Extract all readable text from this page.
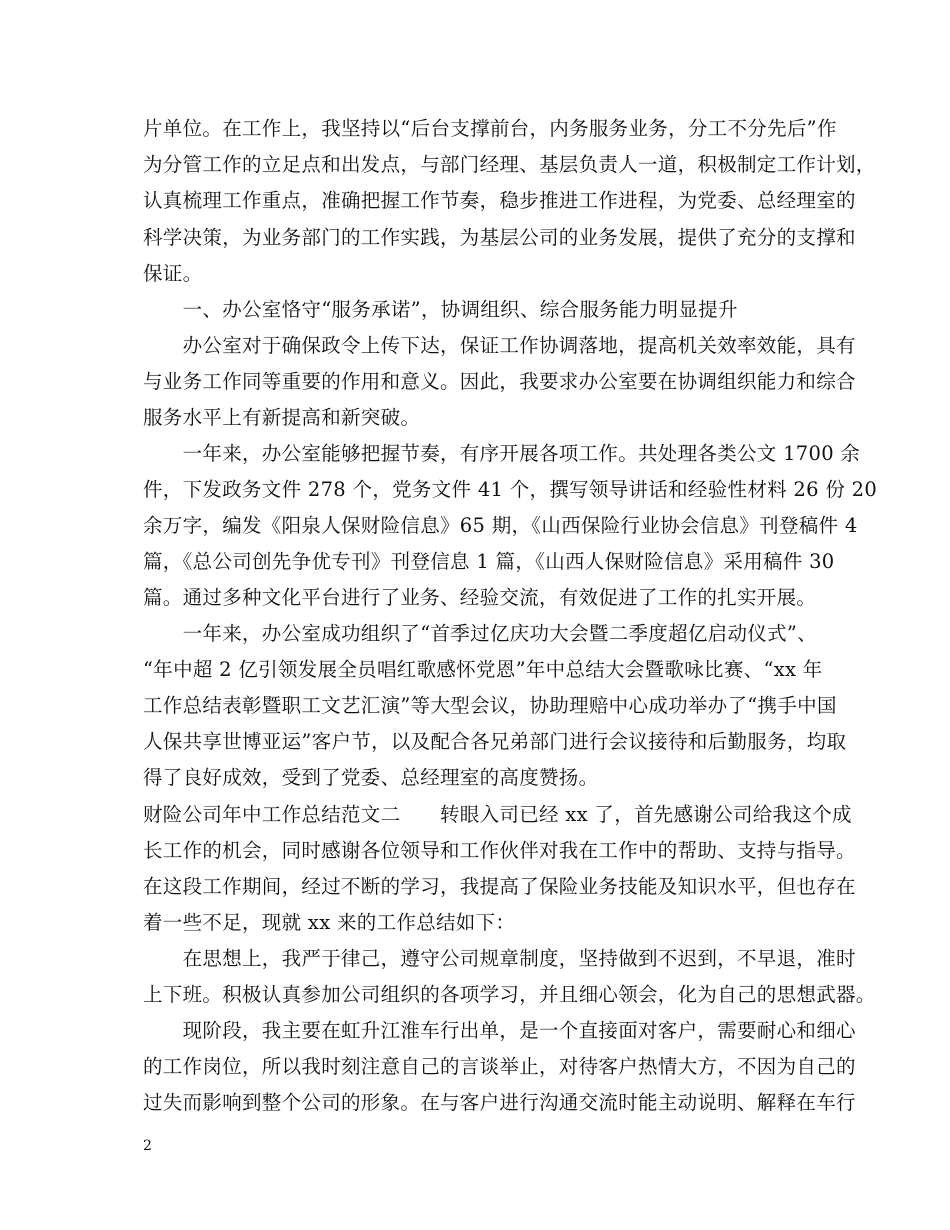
片单位。在工作上，我坚持以“后台支撑前台，内务服务业务，分工不分先后”作
为分管工作的立足点和出发点，与部门经理、基层负责人一道，积极制定工作计划，
认真梳理工作重点，准确把握工作节奏，稳步推进工作进程，为党委、总经理室的
科学决策，为业务部门的工作实践，为基层公司的业务发展，提供了充分的支撑和
保证。
　　一、办公室恪守“服务承诺”，协调组织、综合服务能力明显提升
　　办公室对于确保政令上传下达，保证工作协调落地，提高机关效率效能，具有
与业务工作同等重要的作用和意义。因此，我要求办公室要在协调组织能力和综合
服务水平上有新提高和新突破。
　　一年来，办公室能够把握节奏，有序开展各项工作。共处理各类公文 1700 余
件，下发政务文件 278 个，党务文件 41 个，撰写领导讲话和经验性材料 26 份 20
余万字，编发《阳泉人保财险信息》65 期，《山西保险行业协会信息》刊登稿件 4
篇，《总公司创先争优专刊》刊登信息 1 篇，《山西人保财险信息》采用稿件 30
篇。通过多种文化平台进行了业务、经验交流，有效促进了工作的扎实开展。
　　一年来，办公室成功组织了“首季过亿庆功大会暨二季度超亿启动仪式”、
“年中超 2 亿引领发展全员唱红歌感怀党恩”年中总结大会暨歌咏比赛、“xx 年
工作总结表彰暨职工文艺汇演”等大型会议，协助理赔中心成功举办了“携手中国
人保共享世博亚运”客户节，以及配合各兄弟部门进行会议接待和后勤服务，均取
得了良好成效，受到了党委、总经理室的高度赞扬。
财险公司年中工作总结范文二　　转眼入司已经 xx 了，首先感谢公司给我这个成
长工作的机会，同时感谢各位领导和工作伙伴对我在工作中的帮助、支持与指导。
在这段工作期间，经过不断的学习，我提高了保险业务技能及知识水平，但也存在
着一些不足，现就 xx 来的工作总结如下：
　　在思想上，我严于律己，遵守公司规章制度，坚持做到不迟到，不早退，准时
上下班。积极认真参加公司组织的各项学习，并且细心领会，化为自己的思想武器。
　　现阶段，我主要在虹升江淮车行出单，是一个直接面对客户，需要耐心和细心
的工作岗位，所以我时刻注意自己的言谈举止，对待客户热情大方，不因为自己的
过失而影响到整个公司的形象。在与客户进行沟通交流时能主动说明、解释在车行
2
